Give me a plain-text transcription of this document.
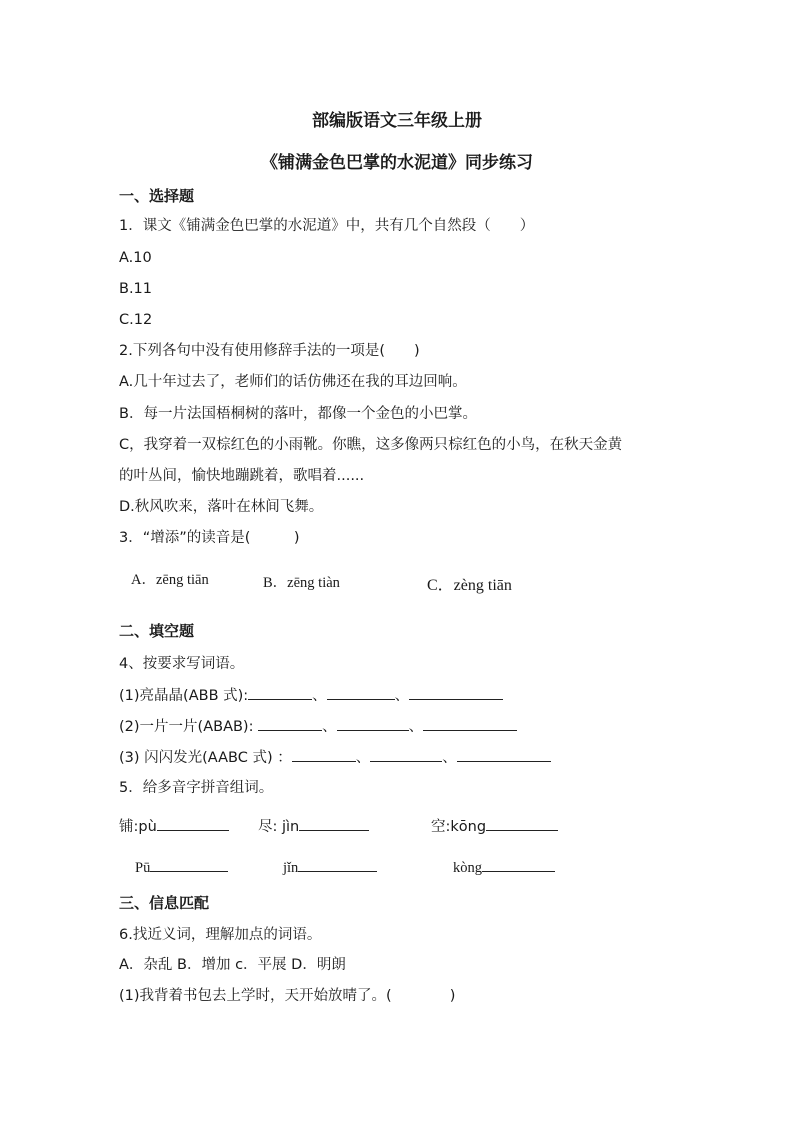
部编版语文三年级上册
《铺满金色巴掌的水泥道》同步练习
一、选择题
1．课文《铺满金色巴掌的水泥道》中，共有几个自然段（　　）
A.10
B.11
C.12
2.下列各句中没有使用修辞手法的一项是(　　)
A.几十年过去了，老师们的话仿佛还在我的耳边回响。
B．每一片法国梧桐树的落叶，都像一个金色的小巴掌。
C，我穿着一双棕红色的小雨靴。你瞧，这多像两只棕红色的小鸟，在秋天金黄
的叶丛间，愉快地蹦跳着，歌唱着......
D.秋风吹来，落叶在林间飞舞。
3．“增添”的读音是(　　　)
A．zēng tiān	B．zēng tiàn	C．zèng tiān
二、填空题
4、按要求写词语。
(1)亮晶晶(ABB 式):	、	、
(2)一片一片(ABAB):	、	、
(3) 闪闪发光(AABC 式) ：	、	、
5．给多音字拼音组词。
铺:pù	尽: jìn	空:kōng
Pū	jǐn	kòng
三、信息匹配
6.找近义词，理解加点的词语。
A．杂乱 B．增加 c．平展 D．明朗
(1)我背着书包去上学时，天开始放晴了。(　　　　)
